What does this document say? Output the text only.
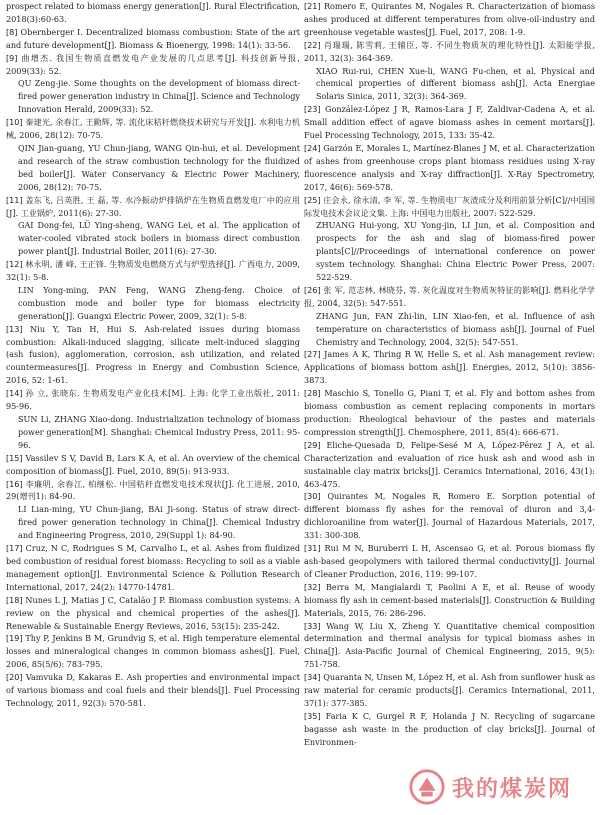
prospect related to biomass energy generation[J]. Rural Electrification, 2018(3):60-63.
[8] Obernberger I. Decentralized biomass combustion: State of the art and future development[J]. Biomass & Bioenergy, 1998: 14(1): 33-56.
[9] 曲增杰. 我国生物质直燃发电产业发展的几点思考[J]. 科技创新导报, 2009(33): 52.
QU Zeng-jie. Some thoughts on the development of biomass direct-fired power generation industry in China[J]. Science and Technology Innovation Herald, 2009(33): 52.
[10] 秦建光, 余春江, 王勤辉, 等. 流化床秸秆燃烧技术研究与开发[J]. 水利电力机械, 2006, 28(12): 70-75.
QIN Jian-guang, YU Chun-jiang, WANG Qin-hui, et al. Development and research of the straw combustion technology for the fluidized bed boiler[J]. Water Conservancy & Electric Power Machinery, 2006, 28(12): 70-75.
[11] 盖东飞, 吕英胜, 王 磊, 等. 水冷振动炉排锅炉在生物质直燃发电厂中的应用[J]. 工业锅炉, 2011(6): 27-30.
GAI Dong-fei, LÜ Ying-sheng, WANG Lei, et al. The application of water-cooled vibrated stock boilers in biomass direct combustion power plant[J]. Industrial Boiler, 2011(6): 27-30.
[12] 林永明, 潘 峰, 王正锋. 生物质发电燃烧方式与炉型选择[J]. 广西电力, 2009, 32(1): 5-8.
LIN Yong-ming, PAN Feng, WANG Zheng-feng. Choice of combustion mode and boiler type for biomass electricity generation[J]. Guangxi Electric Power, 2009, 32(1): 5-8.
[13] Niu Y, Tan H, Hui S. Ash-related issues during biomass combustion: Alkali-induced slagging, silicate melt-induced slagging (ash fusion), agglomeration, corrosion, ash utilization, and related countermeasures[J]. Progress in Energy and Combustion Science, 2016, 52: 1-61.
[14] 孙 立, 张晓东. 生物质发电产业化技术[M]. 上海: 化学工业出版社, 2011: 95-96.
SUN Li, ZHANG Xiao-dong. Industrialization technology of biomass power generation[M]. Shanghai: Chemical Industry Press, 2011: 95-96.
[15] Vassilev S V, David B, Lars K A, et al. An overview of the chemical composition of biomass[J]. Fuel, 2010, 89(5): 913-933.
[16] 李廉明, 余春江, 柏继松. 中国秸秆直燃发电技术现状[J]. 化工进展, 2010, 29(增刊1): 84-90.
LI Lian-ming, YU Chun-jiang, BAi Ji-song. Status of straw direct-fired power generation technology in China[J]. Chemical Industry and Engineering Progress, 2010, 29(Suppl 1): 84-90.
[17] Cruz, N C, Rodrigues S M, Carvalho L, et al. Ashes from fluidized bed combustion of residual forest biomass: Recycling to soil as a viable management option[J]. Environmental Science & Pollution Research International, 2017, 24(2): 14770-14781.
[18] Nunes L J, Matias J C, Catalão J P. Biomass combustion systems: A review on the physical and chemical properties of the ashes[J]. Renewable & Sustainable Energy Reviews, 2016, 53(15): 235-242.
[19] Thy P, Jenkins B M, Grundvig S, et al. High temperature elemental losses and mineralogical changes in common biomass ashes[J]. Fuel, 2006, 85(5/6): 783-795.
[20] Vamvuka D, Kakaras E. Ash properties and environmental impact of various biomass and coal fuels and their blends[J]. Fuel Processing Technology, 2011, 92(3): 570-581.
[21] Romero E, Quirantes M, Nogales R. Characterization of biomass ashes produced at different temperatures from olive-oil-industry and greenhouse vegetable wastes[J]. Fuel, 2017, 208: 1-9.
[22] 肖瑞瑞, 陈雪莉, 王辅臣, 等. 不同生物质灰的理化特性[J]. 太阳能学报, 2011, 32(3): 364-369.
XIAO Rui-rui, CHEN Xue-li, WANG Fu-chen, et al. Physical and chemical properties of different biomass ash[J]. Acta Energiae Solaris Sinica, 2011, 32(3): 364-369.
[23] González-López J R, Ramos-Lara J F, Zaldivar-Cadena A, et al. Small addition effect of agave biomass ashes in cement mortars[J]. Fuel Processing Technology, 2015, 133: 35-42.
[24] Garzón E, Morales L, Martínez-Blanes J M, et al. Characterization of ashes from greenhouse crops plant biomass residues using X-ray fluorescence analysis and X-ray diffraction[J]. X-Ray Spectrometry, 2017, 46(6): 569-578.
[25] 庄会永, 徐永清, 李 军, 等. 生物质电厂灰渣成分及利用前景分析[C]//中国国际发电技术会议论文集. 上海: 中国电力出版社, 2007: 522-529.
ZHUANG Hui-yong, XU Yong-jin, LI Jun, et al. Composition and prospects for the ash and slag of biomass-fired power plants[C]//Proceedings of international conference on power system technology. Shanghai: China Electric Power Press, 2007: 522-529.
[26] 张 军, 范志林, 林晓芬, 等. 灰化温度对生物质灰特征的影响[J]. 燃料化学学报, 2004, 32(5): 547-551.
ZHANG Jun, FAN Zhi-lin, LIN Xiao-fen, et al. Influence of ash temperature on characteristics of biomass ash[J]. Journal of Fuel Chemistry and Technology, 2004, 32(5): 547-551.
[27] James A K, Thring R W, Helle S, et al. Ash management review: Applications of biomass bottom ash[J]. Energies, 2012, 5(10): 3856-3873.
[28] Maschio S, Tonello G, Piani T, et al. Fly and bottom ashes from biomass combustion as cement replacing components in mortars production: Rheological behaviour of the pastes and materials compression strength[J]. Chemosphere, 2011, 85(4): 666-671.
[29] Eliche-Quesada D, Felipe-Sesé M A, López-Pérez J A, et al. Characterization and evaluation of rice husk ash and wood ash in sustainable clay matrix bricks[J]. Ceramics International, 2016, 43(1): 463-475.
[30] Quirantes M, Nogales R, Romero E. Sorption potential of different biomass fly ashes for the removal of diuron and 3,4-dichloroaniline from water[J]. Journal of Hazardous Materials, 2017, 331: 300-308.
[31] Rui M N, Buruberri L H, Ascensao G, et al. Porous biomass fly ash-based geopolymers with tailored thermal conductivity[J]. Journal of Cleaner Production, 2016, 119: 99-107.
[32] Berra M, Mangialardi T, Paolini A E, et al. Reuse of woody biomass fly ash in cement-based materials[J]. Construction & Building Materials, 2015, 76: 286-296.
[33] Wang W, Liu X, Zheng Y. Quantitative chemical composition determination and thermal analysis for typical biomass ashes in China[J]. Asia-Pacific Journal of Chemical Engineering, 2015, 9(5): 751-758.
[34] Quaranta N, Unsen M, López H, et al. Ash from sunflower husk as raw material for ceramic products[J]. Ceramics International, 2011, 37(1): 377-385.
[35] Faria K C, Gurgel R F, Holanda J N. Recycling of sugarcane bagasse ash waste in the production of clay bricks[J]. Journal of Environmen-
我的煤炭网
